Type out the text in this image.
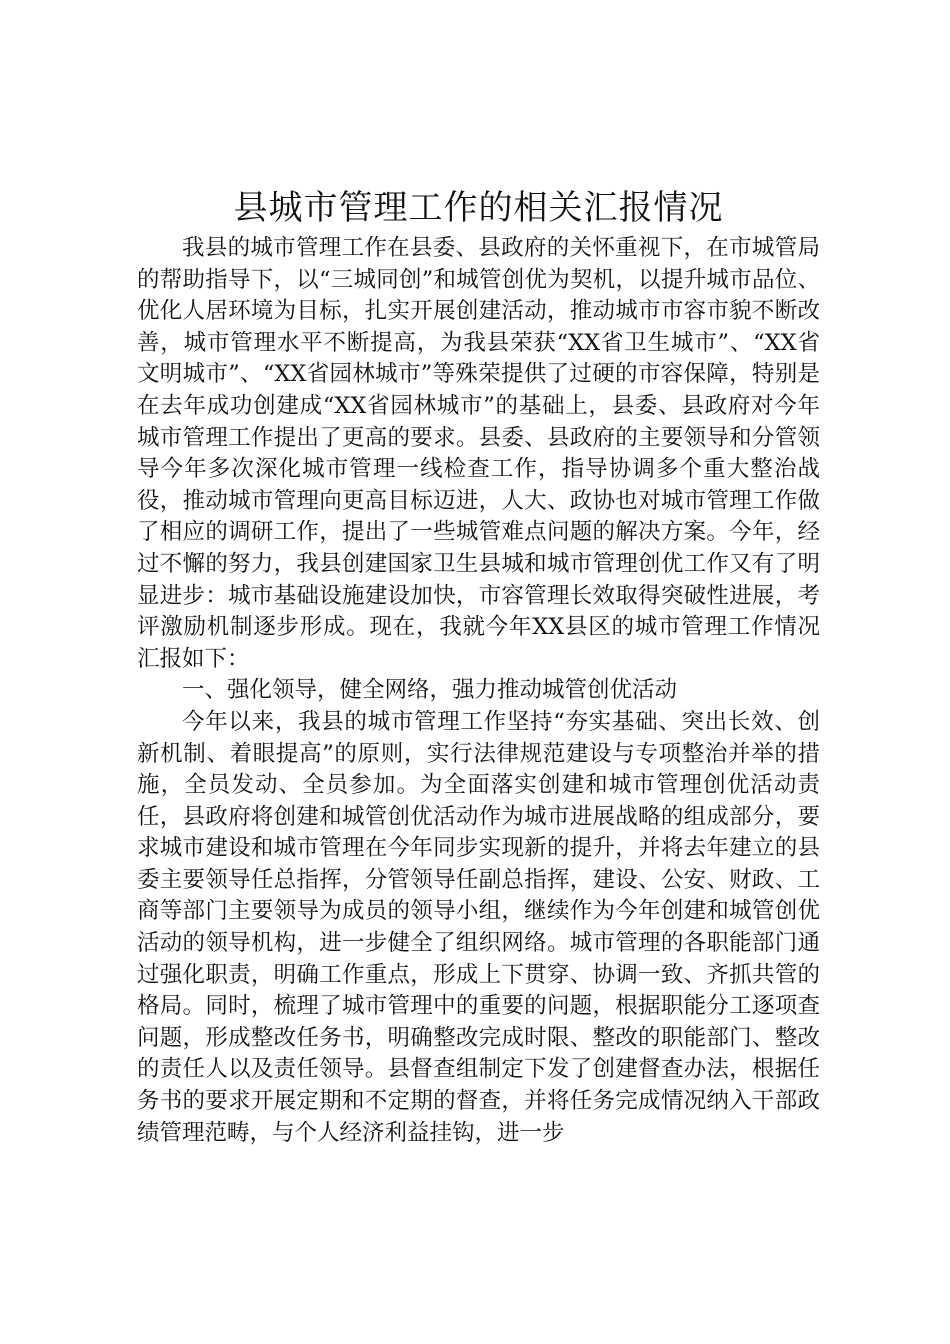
县城市管理工作的相关汇报情况

我县的城市管理工作在县委、县政府的关怀重视下，在市城管局的帮助指导下，以“三城同创”和城管创优为契机，以提升城市品位、优化人居环境为目标，扎实开展创建活动，推动城市市容市貌不断改善，城市管理水平不断提高，为我县荣获“XX省卫生城市”、“XX省文明城市”、“XX省园林城市”等殊荣提供了过硬的市容保障，特别是在去年成功创建成“XX省园林城市”的基础上，县委、县政府对今年城市管理工作提出了更高的要求。县委、县政府的主要领导和分管领导今年多次深化城市管理一线检查工作，指导协调多个重大整治战役，推动城市管理向更高目标迈进，人大、政协也对城市管理工作做了相应的调研工作，提出了一些城管难点问题的解决方案。今年，经过不懈的努力，我县创建国家卫生县城和城市管理创优工作又有了明显进步：城市基础设施建设加快，市容管理长效取得突破性进展，考评激励机制逐步形成。现在，我就今年XX县区的城市管理工作情况汇报如下：

一、强化领导，健全网络，强力推动城管创优活动

今年以来，我县的城市管理工作坚持“夯实基础、突出长效、创新机制、着眼提高”的原则，实行法律规范建设与专项整治并举的措施，全员发动、全员参加。为全面落实创建和城市管理创优活动责任，县政府将创建和城管创优活动作为城市进展战略的组成部分，要求城市建设和城市管理在今年同步实现新的提升，并将去年建立的县委主要领导任总指挥，分管领导任副总指挥，建设、公安、财政、工商等部门主要领导为成员的领导小组，继续作为今年创建和城管创优活动的领导机构，进一步健全了组织网络。城市管理的各职能部门通过强化职责，明确工作重点，形成上下贯穿、协调一致、齐抓共管的格局。同时，梳理了城市管理中的重要的问题，根据职能分工逐项查问题，形成整改任务书，明确整改完成时限、整改的职能部门、整改的责任人以及责任领导。县督查组制定下发了创建督查办法，根据任务书的要求开展定期和不定期的督查，并将任务完成情况纳入干部政绩管理范畴，与个人经济利益挂钩，进一步
